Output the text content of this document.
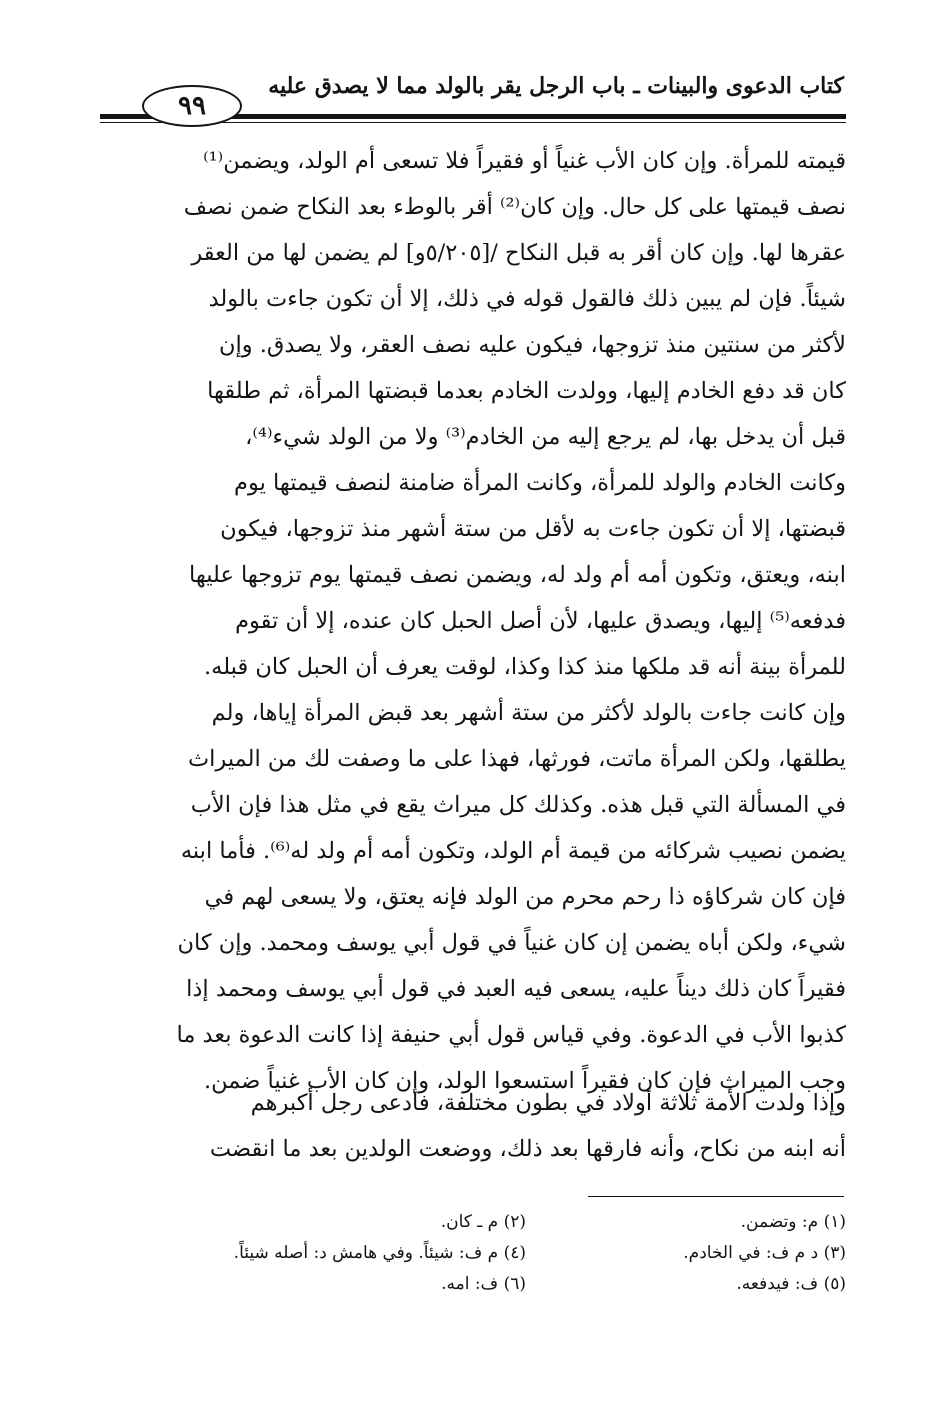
كتاب الدعوى والبينات ـ باب الرجل يقر بالولد مما لا يصدق عليه
٩٩
قيمته للمرأة. وإن كان الأب غنياً أو فقيراً فلا تسعى أم الولد، ويضمن⁽¹⁾
نصف قيمتها على كل حال. وإن كان⁽²⁾ أقر بالوطء بعد النكاح ضمن نصف
عقرها لها. وإن كان أقر به قبل النكاح /[٥/٢٠٥و] لم يضمن لها من العقر
شيئاً. فإن لم يبين ذلك فالقول قوله في ذلك، إلا أن تكون جاءت بالولد
لأكثر من سنتين منذ تزوجها، فيكون عليه نصف العقر، ولا يصدق. وإن
كان قد دفع الخادم إليها، وولدت الخادم بعدما قبضتها المرأة، ثم طلقها
قبل أن يدخل بها، لم يرجع إليه من الخادم⁽³⁾ ولا من الولد شيء⁽⁴⁾،
وكانت الخادم والولد للمرأة، وكانت المرأة ضامنة لنصف قيمتها يوم
قبضتها، إلا أن تكون جاءت به لأقل من ستة أشهر منذ تزوجها، فيكون
ابنه، ويعتق، وتكون أمه أم ولد له، ويضمن نصف قيمتها يوم تزوجها عليها
فدفعه⁽⁵⁾ إليها، ويصدق عليها، لأن أصل الحبل كان عنده، إلا أن تقوم
للمرأة بينة أنه قد ملكها منذ كذا وكذا، لوقت يعرف أن الحبل كان قبله.
وإن كانت جاءت بالولد لأكثر من ستة أشهر بعد قبض المرأة إياها، ولم
يطلقها، ولكن المرأة ماتت، فورثها، فهذا على ما وصفت لك من الميراث
في المسألة التي قبل هذه. وكذلك كل ميراث يقع في مثل هذا فإن الأب
يضمن نصيب شركائه من قيمة أم الولد، وتكون أمه أم ولد له⁽⁶⁾. فأما ابنه
فإن كان شركاؤه ذا رحم محرم من الولد فإنه يعتق، ولا يسعى لهم في
شيء، ولكن أباه يضمن إن كان غنياً في قول أبي يوسف ومحمد. وإن كان
فقيراً كان ذلك ديناً عليه، يسعى فيه العبد في قول أبي يوسف ومحمد إذا
كذبوا الأب في الدعوة. وفي قياس قول أبي حنيفة إذا كانت الدعوة بعد ما
وجب الميراث فإن كان فقيراً استسعوا الولد، وإن كان الأب غنياً ضمن.
وإذا ولدت الأمة ثلاثة أولاد في بطون مختلفة، فادعى رجل أكبرهم
أنه ابنه من نكاح، وأنه فارقها بعد ذلك، ووضعت الولدين بعد ما انقضت
(١) م: وتضمن.
(٢) م ـ كان.
(٣) د م ف: في الخادم.
(٤) م ف: شيئاً. وفي هامش د: أصله شيئاً.
(٥) ف: فيدفعه.
(٦) ف: امه.
